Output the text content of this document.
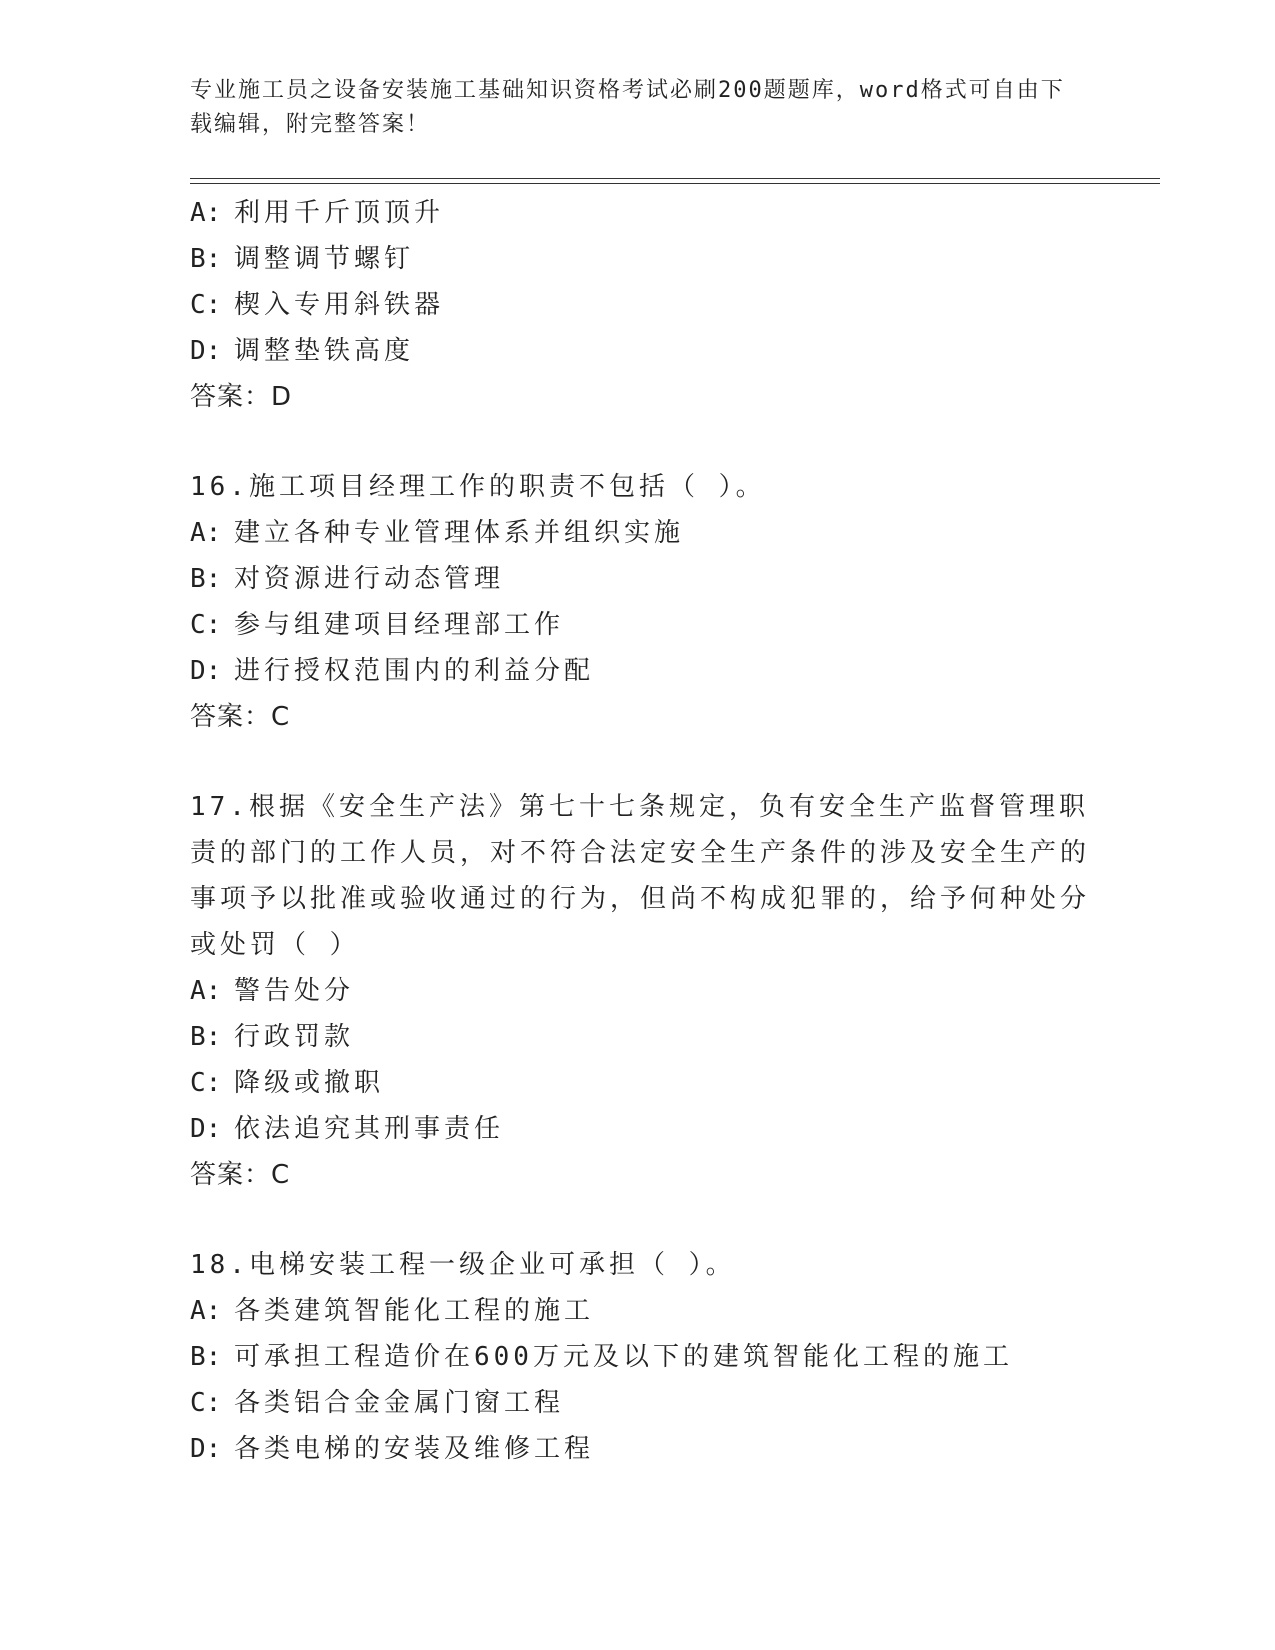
专业施工员之设备安装施工基础知识资格考试必刷200题题库，word格式可自由下载编辑，附完整答案！
A: 利用千斤顶顶升
B: 调整调节螺钉
C: 楔入专用斜铁器
D: 调整垫铁高度
答案：D
16.施工项目经理工作的职责不包括（ ）。
A: 建立各种专业管理体系并组织实施
B: 对资源进行动态管理
C: 参与组建项目经理部工作
D: 进行授权范围内的利益分配
答案：C
17.根据《安全生产法》第七十七条规定，负有安全生产监督管理职责的部门的工作人员，对不符合法定安全生产条件的涉及安全生产的事项予以批准或验收通过的行为，但尚不构成犯罪的，给予何种处分或处罚（ ）
A: 警告处分
B: 行政罚款
C: 降级或撤职
D: 依法追究其刑事责任
答案：C
18.电梯安装工程一级企业可承担（ ）。
A: 各类建筑智能化工程的施工
B: 可承担工程造价在600万元及以下的建筑智能化工程的施工
C: 各类铝合金金属门窗工程
D: 各类电梯的安装及维修工程
